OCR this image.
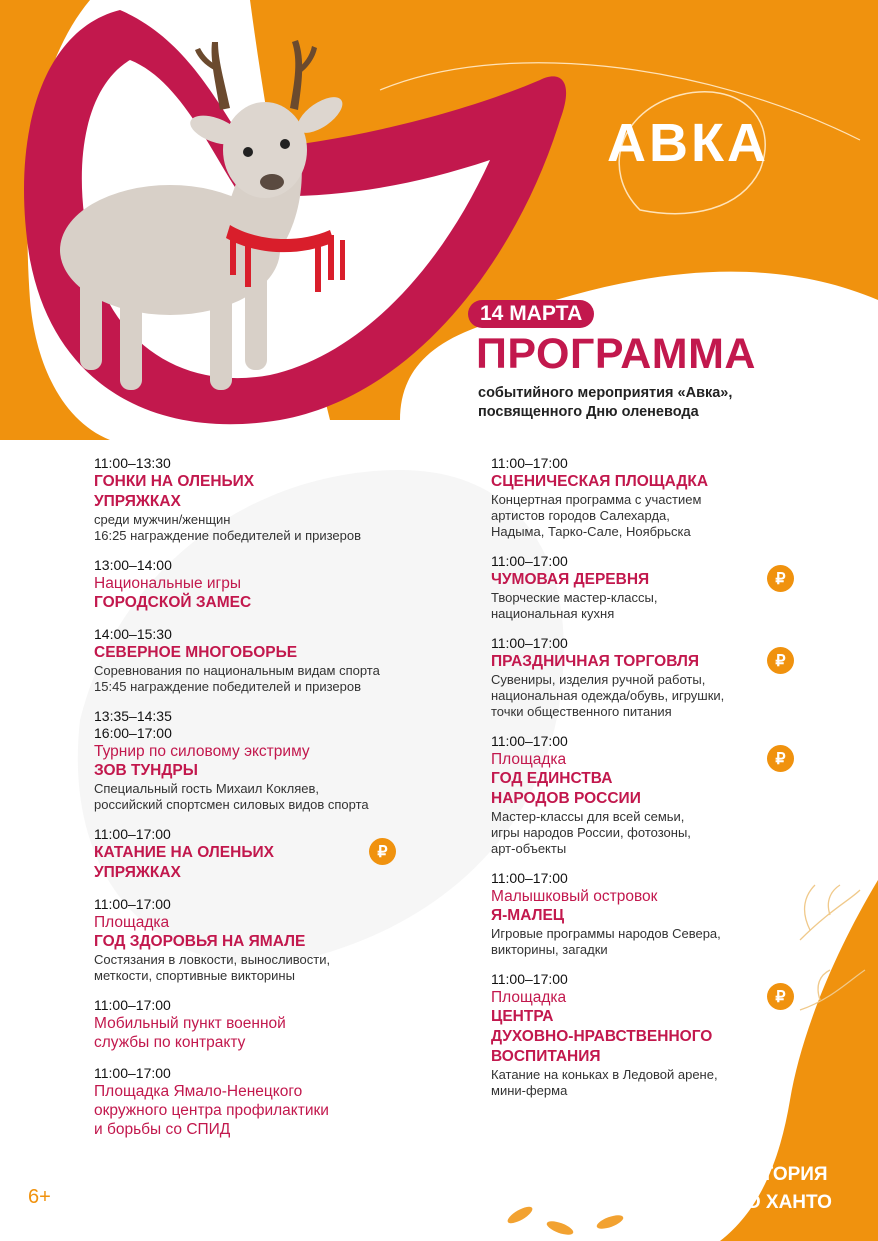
АВКА
14 МАРТА
ПРОГРАММА
событийного мероприятия «Авка»,
посвященного Дню оленевода
11:00–13:30
ГОНКИ НА ОЛЕНЬИХ
УПРЯЖКАХ
среди мужчин/женщин
16:25 награждение победителей и призеров
13:00–14:00
Национальные игры
ГОРОДСКОЙ ЗАМЕС
14:00–15:30
СЕВЕРНОЕ МНОГОБОРЬЕ
Соревнования по национальным видам спорта
15:45 награждение победителей и призеров
13:35–14:35
16:00–17:00
Турнир по силовому экстриму
ЗОВ ТУНДРЫ
Специальный гость Михаил Кокляев,
российский спортсмен силовых видов спорта
11:00–17:00
КАТАНИЕ НА ОЛЕНЬИХ
УПРЯЖКАХ
₽
11:00–17:00
Площадка
ГОД ЗДОРОВЬЯ НА ЯМАЛЕ
Состязания в ловкости, выносливости,
меткости, спортивные викторины
11:00–17:00
Мобильный пункт военной
службы по контракту
11:00–17:00
Площадка Ямало-Ненецкого
окружного центра профилактики
и борьбы со СПИД
11:00–17:00
СЦЕНИЧЕСКАЯ ПЛОЩАДКА
Концертная программа с участием
артистов городов Салехарда,
Надыма, Тарко-Сале, Ноябрьска
11:00–17:00
ЧУМОВАЯ ДЕРЕВНЯ
Творческие мастер-классы,
национальная кухня
₽
11:00–17:00
ПРАЗДНИЧНАЯ ТОРГОВЛЯ
Сувениры, изделия ручной работы,
национальная одежда/обувь, игрушки,
точки общественного питания
₽
11:00–17:00
Площадка
ГОД ЕДИНСТВА
НАРОДОВ РОССИИ
Мастер-классы для всей семьи,
игры народов России, фотозоны,
арт-объекты
₽
11:00–17:00
Малышковый островок
Я-МАЛЕЦ
Игровые программы народов Севера,
викторины, загадки
11:00–17:00
Площадка
ЦЕНТРА
ДУХОВНО-НРАВСТВЕННОГО
ВОСПИТАНИЯ
Катание на коньках в Ледовой арене,
мини-ферма
₽
6+
ТЕРРИТОРИЯ
ОЗЕРО ХАНТО
